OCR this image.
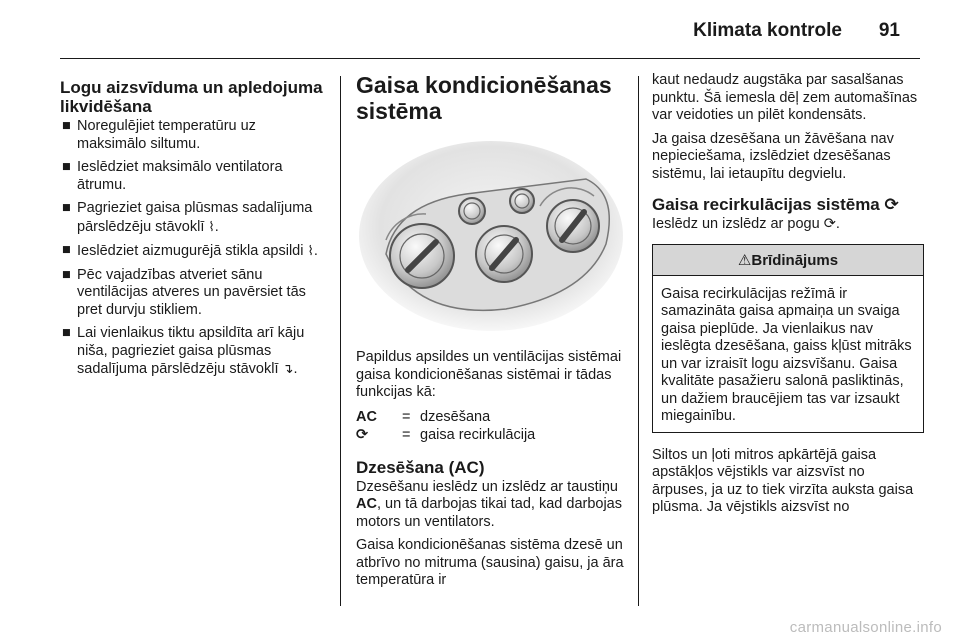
Klimata kontrole 91
Logu aizsvīduma un apledojuma likvidēšana
■ Noregulējiet temperatūru uz maksimālo siltumu.
■ Ieslēdziet maksimālo ventilatora ātrumu.
■ Pagrieziet gaisa plūsmas sadalījuma pārslēdzēju stāvoklī ⌇.
■ Ieslēdziet aizmugurējā stikla apsildi ⌇.
■ Pēc vajadzības atveriet sānu ventilācijas atveres un pavērsiet tās pret durvju stikliem.
■ Lai vienlaikus tiktu apsildīta arī kāju niša, pagrieziet gaisa plūsmas sadalījuma pārslēdzēju stāvoklī ↴.
Gaisa kondicionēšanas sistēma

Papildus apsildes un ventilācijas sistēmai gaisa kondicionēšanas sistēmai ir tādas funkcijas kā:

AC	= dzesēšana
⟳	= gaisa recirkulācija
Dzesēšana (AC)

Dzesēšanu ieslēdz un izslēdz ar taustiņu AC, un tā darbojas tikai tad, kad darbojas motors un ventilators.

Gaisa kondicionēšanas sistēma dzesē un atbrīvo no mitruma (sausina) gaisu, ja āra temperatūra ir

kaut nedaudz augstāka par sasalšanas punktu. Šā iemesla dēļ zem automašīnas var veidoties un pilēt kondensāts.

Ja gaisa dzesēšana un žāvēšana nav nepieciešama, izslēdziet dzesēšanas sistēmu, lai ietaupītu degvielu.

Gaisa recirkulācijas sistēma ⟳

Ieslēdz un izslēdz ar pogu ⟳.

⚠Brīdinājums

Gaisa recirkulācijas režīmā ir samazināta gaisa apmaiņa un svaiga gaisa pieplūde. Ja vienlaikus nav ieslēgta dzesēšana, gaiss kļūst mitrāks un var izraisīt logu aizsvīšanu. Gaisa kvalitāte pasažieru salonā pasliktinās, un dažiem braucējiem tas var izsaukt miegainību.

Siltos un ļoti mitros apkārtējā gaisa apstākļos vējstikls var aizsvīst no ārpuses, ja uz to tiek virzīta auksta gaisa plūsma. Ja vējstikls aizsvīst no

carmanualsonline.info
